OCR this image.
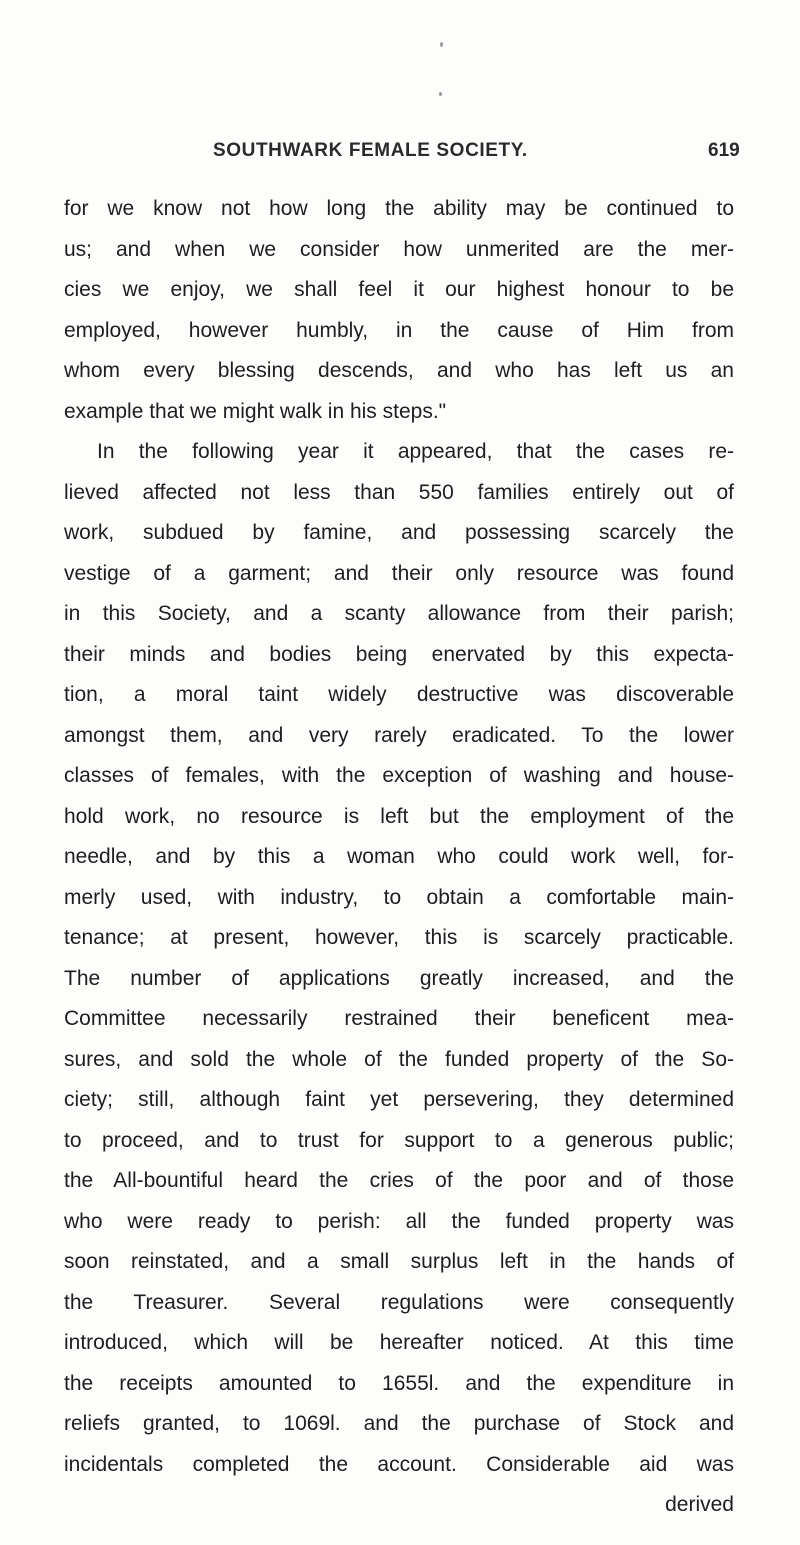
SOUTHWARK FEMALE SOCIETY.	619
for we know not how long the ability may be continued to
us; and when we consider how unmerited are the mer-
cies we enjoy, we shall feel it our highest honour to be
employed, however humbly, in the cause of Him from
whom every blessing descends, and who has left us an
example that we might walk in his steps."
In the following year it appeared, that the cases re-
lieved affected not less than 550 families entirely out of
work, subdued by famine, and possessing scarcely the
vestige of a garment; and their only resource was found
in this Society, and a scanty allowance from their parish;
their minds and bodies being enervated by this expecta-
tion, a moral taint widely destructive was discoverable
amongst them, and very rarely eradicated. To the lower
classes of females, with the exception of washing and house-
hold work, no resource is left but the employment of the
needle, and by this a woman who could work well, for-
merly used, with industry, to obtain a comfortable main-
tenance; at present, however, this is scarcely practicable.
The number of applications greatly increased, and the
Committee necessarily restrained their beneficent mea-
sures, and sold the whole of the funded property of the So-
ciety; still, although faint yet persevering, they determined
to proceed, and to trust for support to a generous public;
the All-bountiful heard the cries of the poor and of those
who were ready to perish: all the funded property was
soon reinstated, and a small surplus left in the hands of
the Treasurer. Several regulations were consequently
introduced, which will be hereafter noticed. At this time
the receipts amounted to 1655l. and the expenditure in
reliefs granted, to 1069l. and the purchase of Stock and
incidentals completed the account. Considerable aid was
derived
